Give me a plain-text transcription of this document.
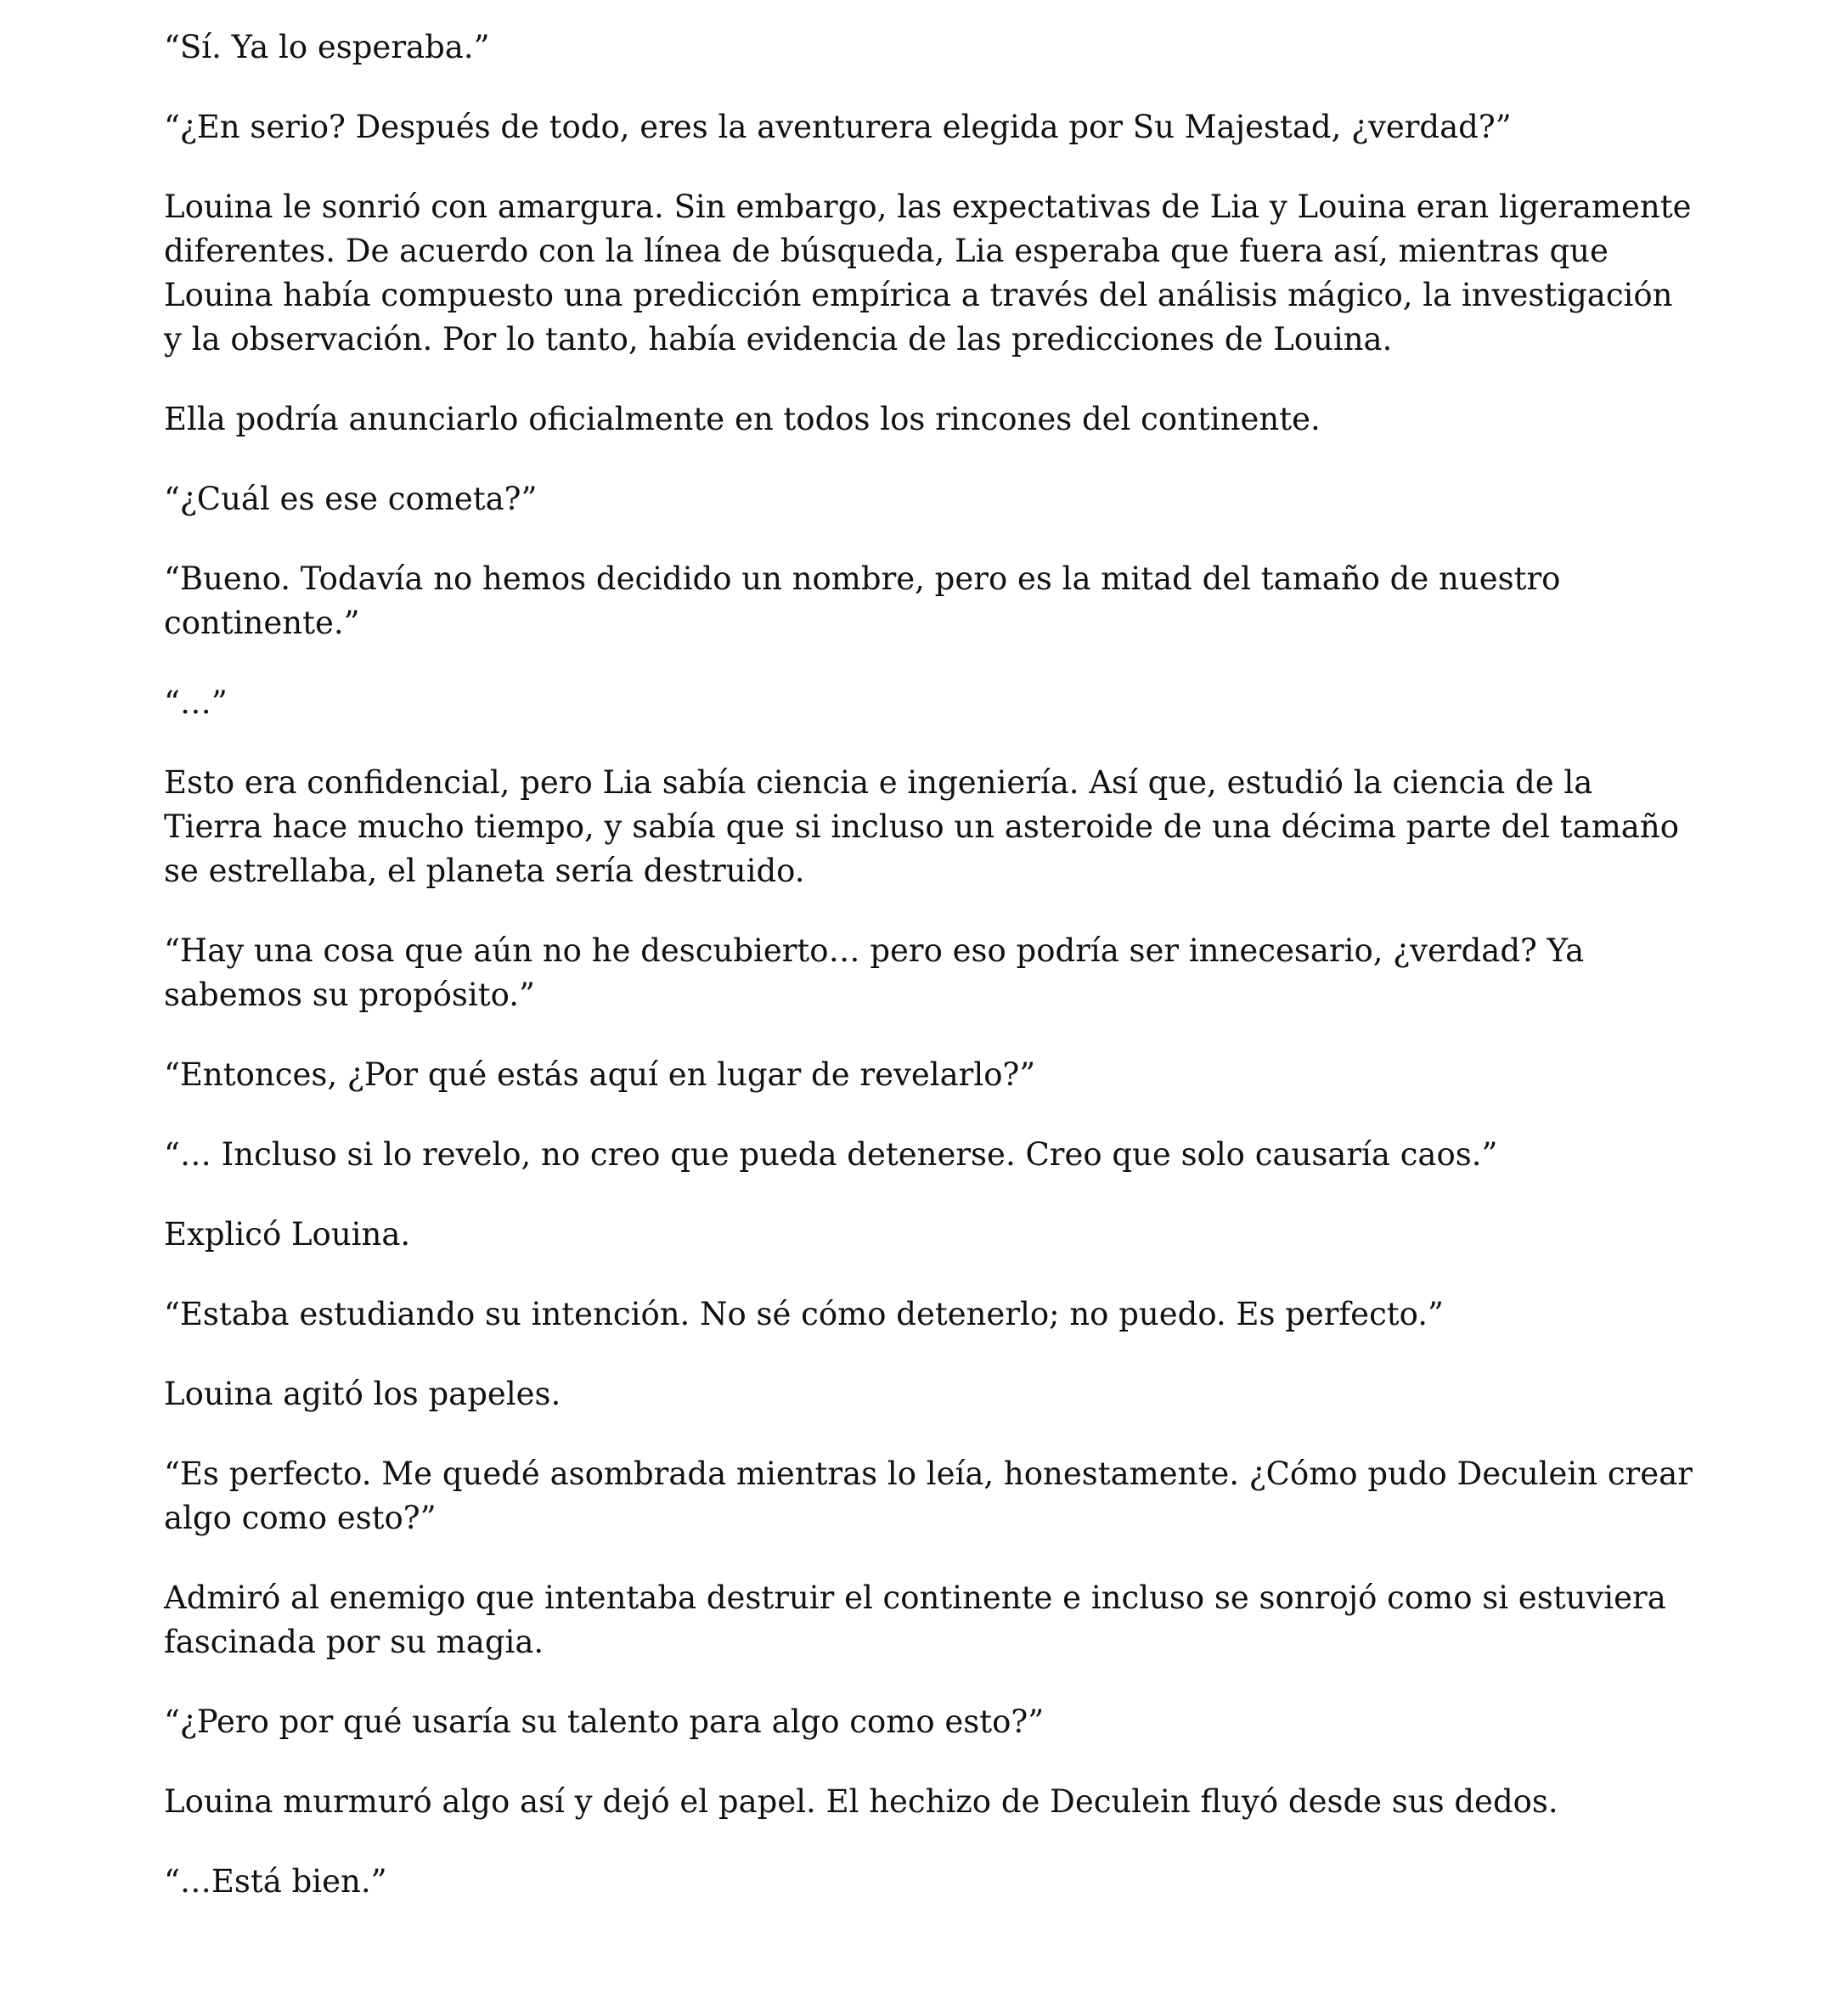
“Sí. Ya lo esperaba.”

“¿En serio? Después de todo, eres la aventurera elegida por Su Majestad, ¿verdad?”

Louina le sonrió con amargura. Sin embargo, las expectativas de Lia y Louina eran ligeramente diferentes. De acuerdo con la línea de búsqueda, Lia esperaba que fuera así, mientras que Louina había compuesto una predicción empírica a través del análisis mágico, la investigación y la observación. Por lo tanto, había evidencia de las predicciones de Louina.

Ella podría anunciarlo oficialmente en todos los rincones del continente.

“¿Cuál es ese cometa?”

“Bueno. Todavía no hemos decidido un nombre, pero es la mitad del tamaño de nuestro continente.”

“…”

Esto era confidencial, pero Lia sabía ciencia e ingeniería. Así que, estudió la ciencia de la Tierra hace mucho tiempo, y sabía que si incluso un asteroide de una décima parte del tamaño se estrellaba, el planeta sería destruido.

“Hay una cosa que aún no he descubierto… pero eso podría ser innecesario, ¿verdad? Ya sabemos su propósito.”

“Entonces, ¿Por qué estás aquí en lugar de revelarlo?”

“… Incluso si lo revelo, no creo que pueda detenerse. Creo que solo causaría caos.”

Explicó Louina.

“Estaba estudiando su intención. No sé cómo detenerlo; no puedo. Es perfecto.”

Louina agitó los papeles.

“Es perfecto. Me quedé asombrada mientras lo leía, honestamente. ¿Cómo pudo Deculein crear algo como esto?”

Admiró al enemigo que intentaba destruir el continente e incluso se sonrojó como si estuviera fascinada por su magia.

“¿Pero por qué usaría su talento para algo como esto?”

Louina murmuró algo así y dejó el papel. El hechizo de Deculein fluyó desde sus dedos.

“…Está bien.”
